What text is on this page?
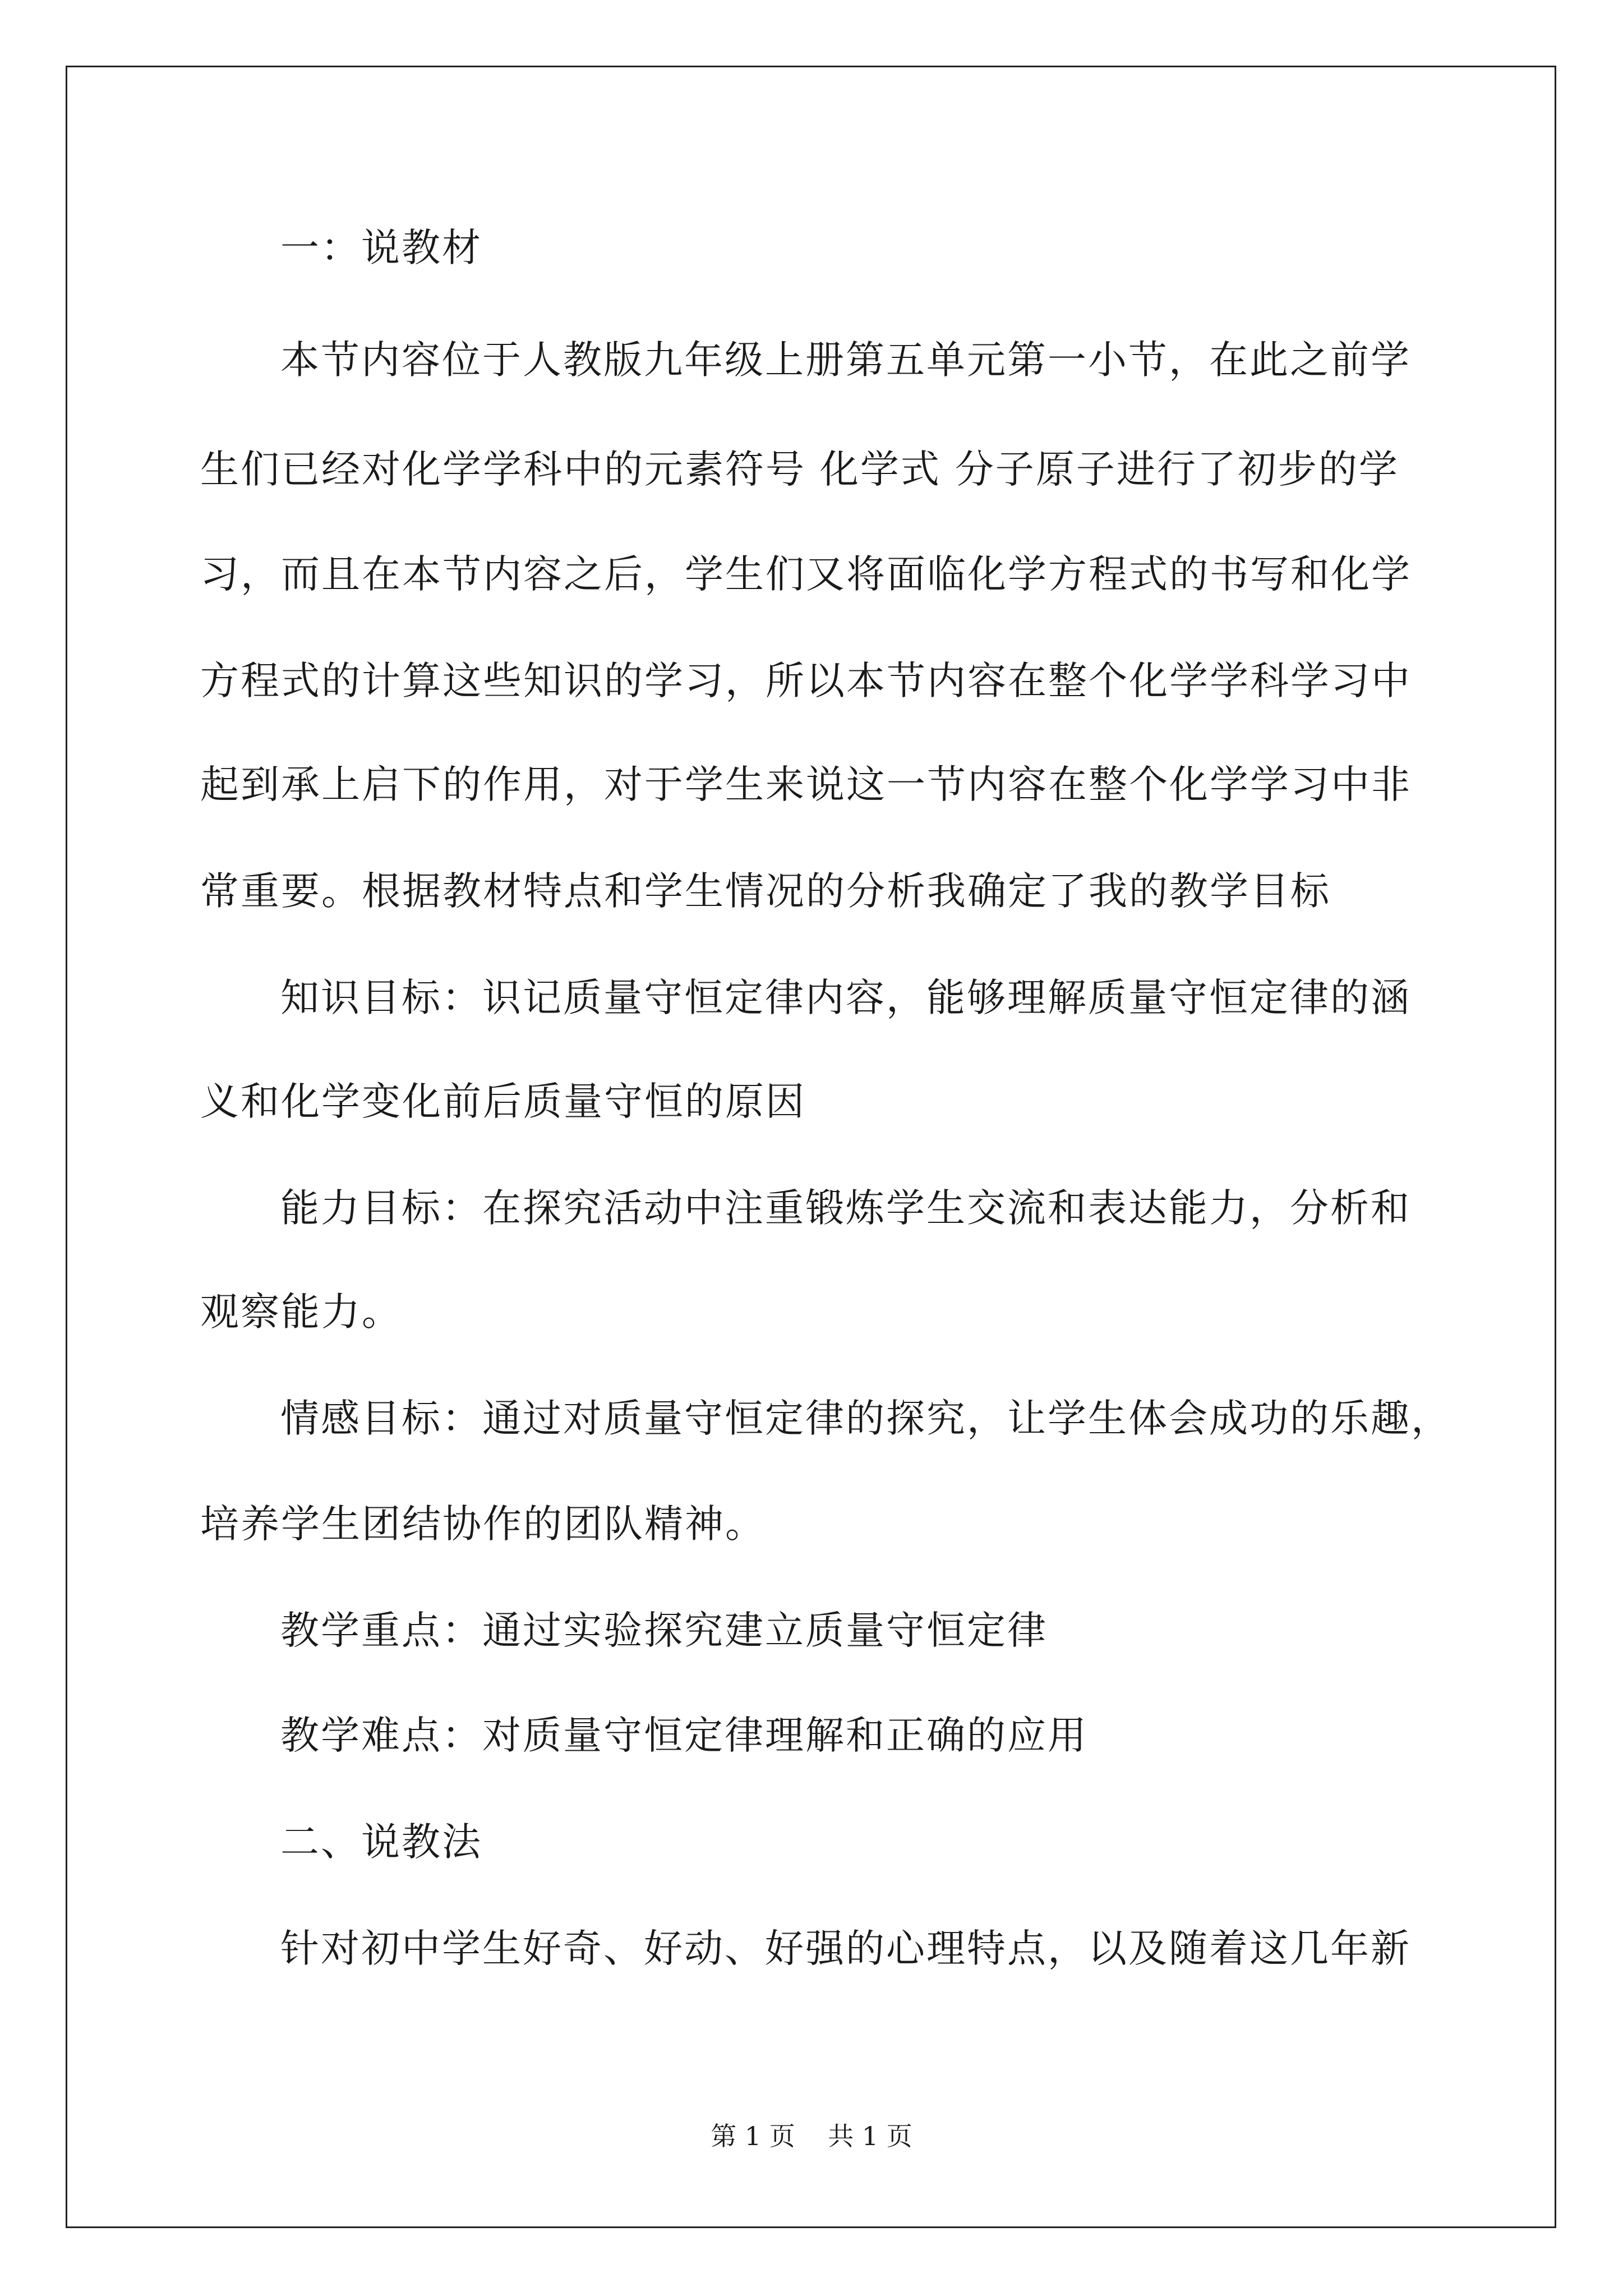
一：说教材
本节内容位于人教版九年级上册第五单元第一小节，在此之前学
生们已经对化学学科中的元素符号 化学式 分子原子进行了初步的学
习，而且在本节内容之后，学生们又将面临化学方程式的书写和化学
方程式的计算这些知识的学习，所以本节内容在整个化学学科学习中
起到承上启下的作用，对于学生来说这一节内容在整个化学学习中非
常重要。根据教材特点和学生情况的分析我确定了我的教学目标
知识目标：识记质量守恒定律内容，能够理解质量守恒定律的涵
义和化学变化前后质量守恒的原因
能力目标：在探究活动中注重锻炼学生交流和表达能力，分析和
观察能力。
情感目标：通过对质量守恒定律的探究，让学生体会成功的乐趣，
培养学生团结协作的团队精神。
教学重点：通过实验探究建立质量守恒定律
教学难点：对质量守恒定律理解和正确的应用
二、说教法
针对初中学生好奇、好动、好强的心理特点，以及随着这几年新
第 1 页    共 1 页
